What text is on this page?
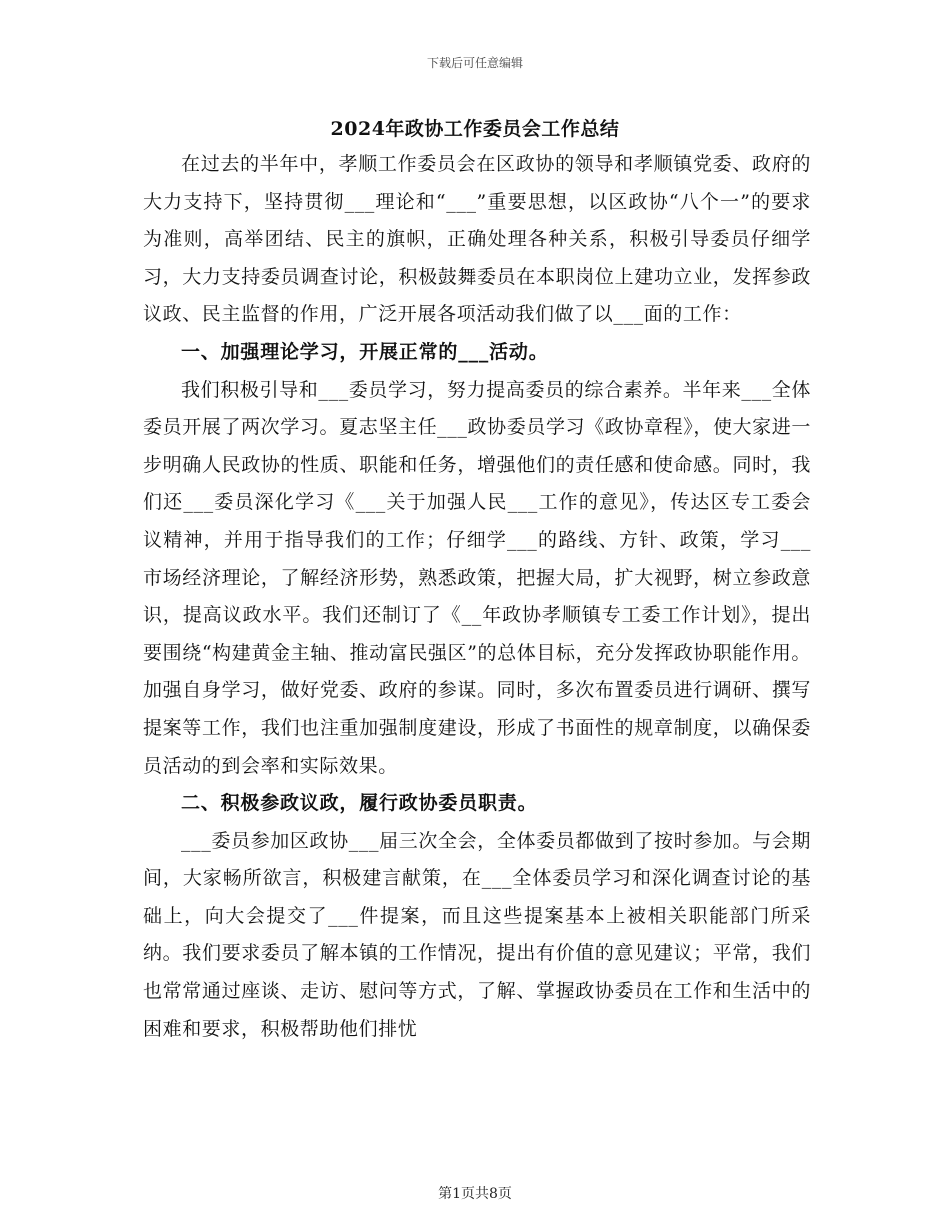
下载后可任意编辑
2024年政协工作委员会工作总结

在过去的半年中，孝顺工作委员会在区政协的领导和孝顺镇党委、政府的大力支持下，坚持贯彻___理论和“___”重要思想，以区政协“八个一”的要求为准则，高举团结、民主的旗帜，正确处理各种关系，积极引导委员仔细学习，大力支持委员调查讨论，积极鼓舞委员在本职岗位上建功立业，发挥参政议政、民主监督的作用，广泛开展各项活动我们做了以___面的工作：

一、加强理论学习，开展正常的___活动。

我们积极引导和___委员学习，努力提高委员的综合素养。半年来___全体委员开展了两次学习。夏志坚主任___政协委员学习《政协章程》，使大家进一步明确人民政协的性质、职能和任务，增强他们的责任感和使命感。同时，我们还___委员深化学习《___关于加强人民___工作的意见》，传达区专工委会议精神，并用于指导我们的工作；仔细学___的路线、方针、政策，学习___市场经济理论，了解经济形势，熟悉政策，把握大局，扩大视野，树立参政意识，提高议政水平。我们还制订了《__年政协孝顺镇专工委工作计划》，提出要围绕“构建黄金主轴、推动富民强区”的总体目标，充分发挥政协职能作用。加强自身学习，做好党委、政府的参谋。同时，多次布置委员进行调研、撰写提案等工作，我们也注重加强制度建设，形成了书面性的规章制度，以确保委员活动的到会率和实际效果。

二、积极参政议政，履行政协委员职责。

___委员参加区政协___届三次全会，全体委员都做到了按时参加。与会期间，大家畅所欲言，积极建言献策，在___全体委员学习和深化调查讨论的基础上，向大会提交了___件提案，而且这些提案基本上被相关职能部门所采纳。我们要求委员了解本镇的工作情况，提出有价值的意见建议；平常，我们也常常通过座谈、走访、慰问等方式，了解、掌握政协委员在工作和生活中的困难和要求，积极帮助他们排忧

第1页共8页
